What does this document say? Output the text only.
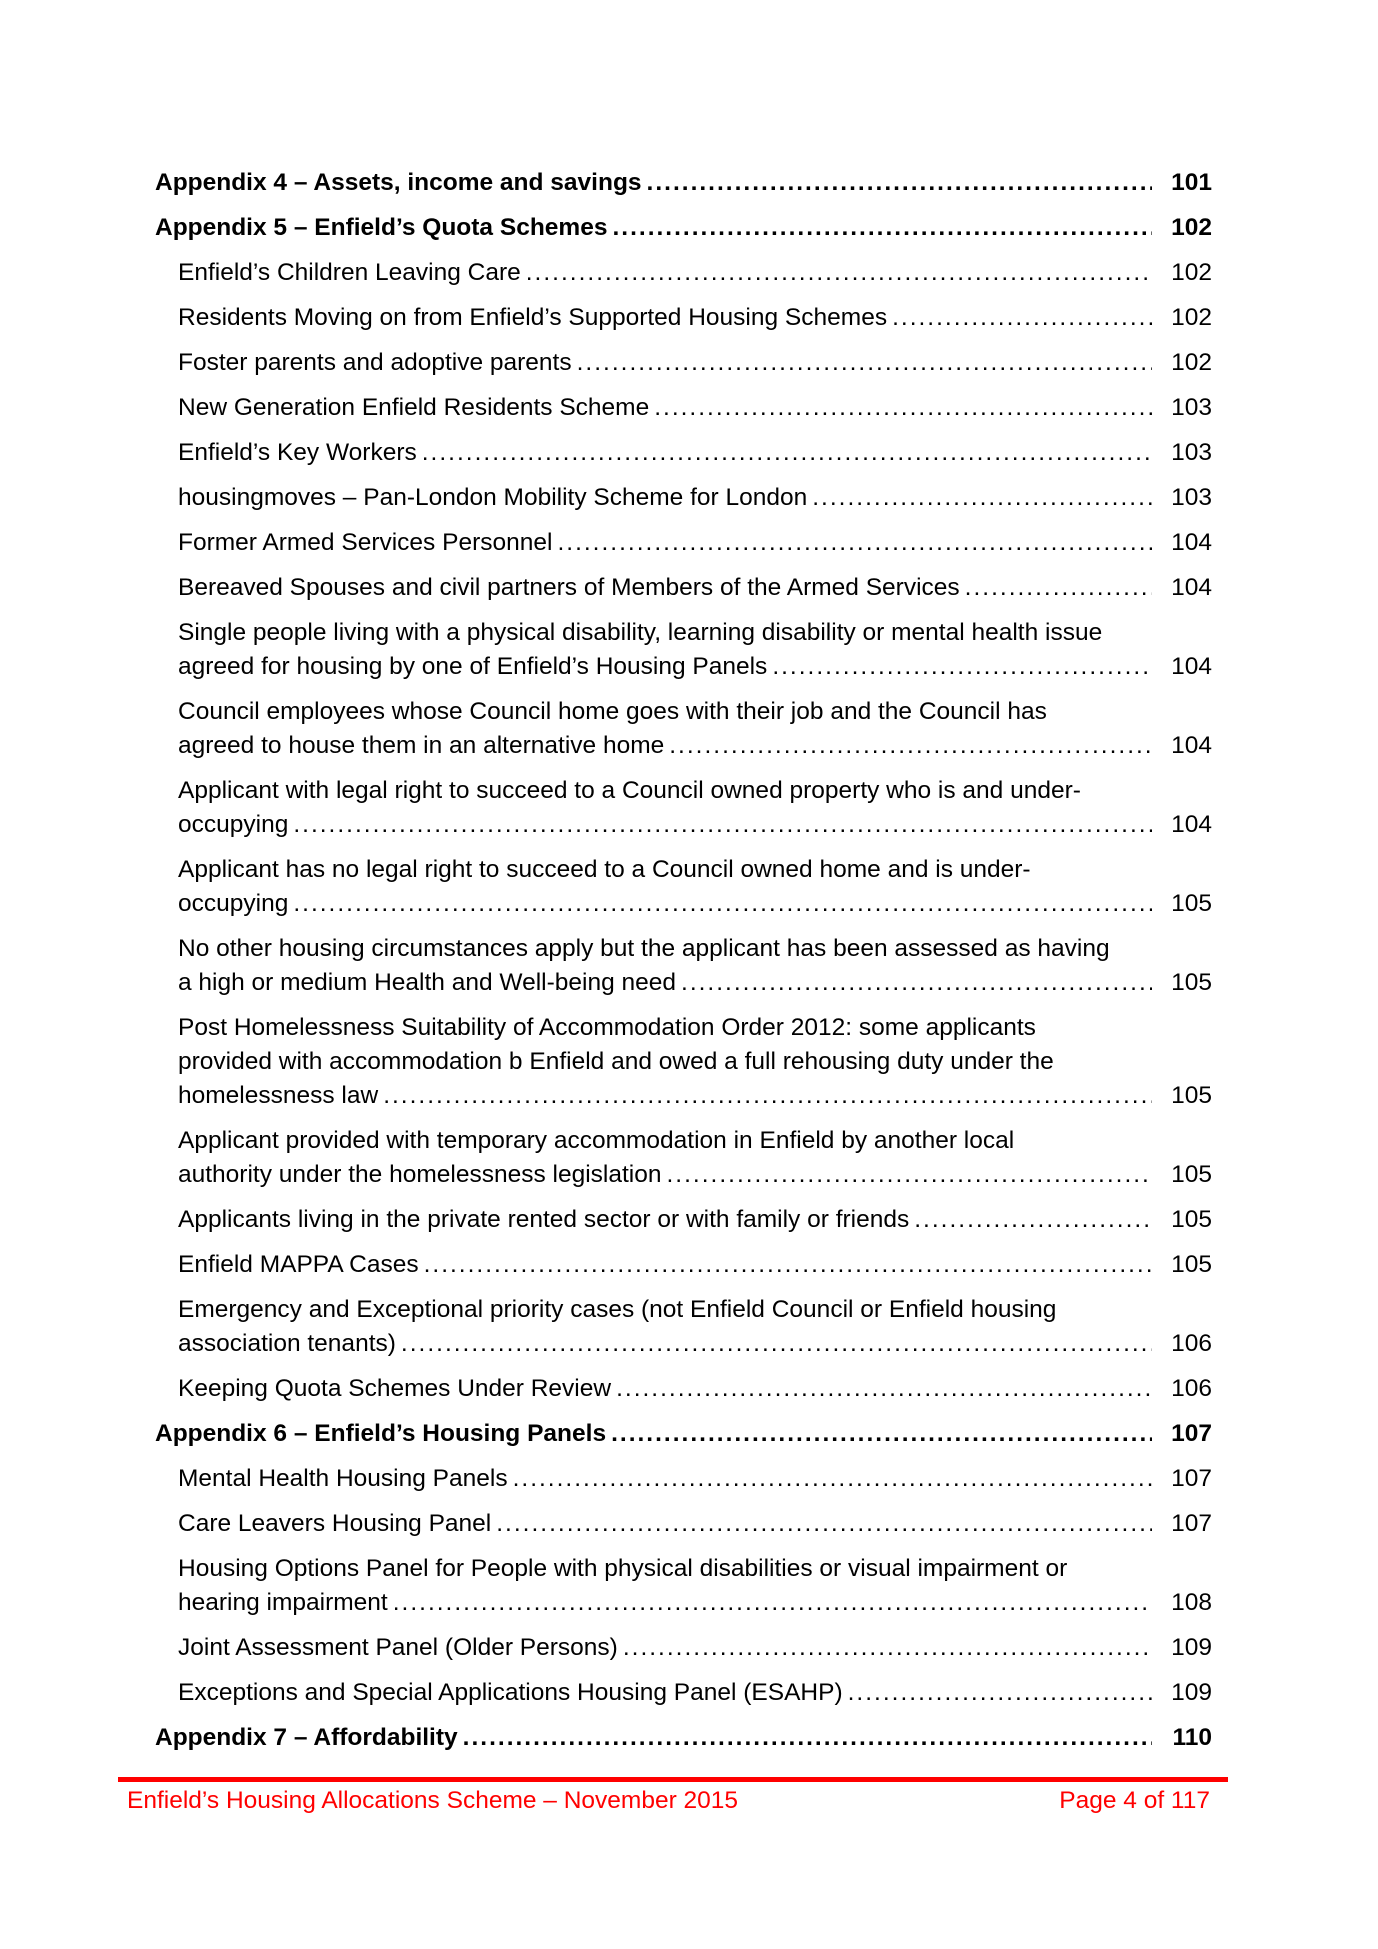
Appendix 4 – Assets, income and savings .....	101
Appendix 5 – Enfield’s Quota Schemes .....	102
Enfield’s Children Leaving Care .....	102
Residents Moving on from Enfield’s Supported Housing Schemes .....	102
Foster parents and adoptive parents .....	102
New Generation Enfield Residents Scheme .....	103
Enfield’s Key Workers .....	103
housingmoves – Pan-London Mobility Scheme for London .....	103
Former Armed Services Personnel .....	104
Bereaved Spouses and civil partners of Members of the Armed Services .....	104
Single people living with a physical disability, learning disability or mental health issue agreed for housing by one of Enfield’s Housing Panels .....	104
Council employees whose Council home goes with their job and the Council has agreed to house them in an alternative home .....	104
Applicant with legal right to succeed to a Council owned property who is and under-occupying .....	104
Applicant has no legal right to succeed to a Council owned home and is under-occupying .....	105
No other housing circumstances apply but the applicant has been assessed as having a high or medium Health and Well-being need .....	105
Post Homelessness Suitability of Accommodation Order 2012: some applicants provided with accommodation b Enfield and owed a full rehousing duty under the homelessness law .....	105
Applicant provided with temporary accommodation in Enfield by another local authority under the homelessness legislation .....	105
Applicants living in the private rented sector or with family or friends .....	105
Enfield MAPPA Cases .....	105
Emergency and Exceptional priority cases (not Enfield Council or Enfield housing association tenants) .....	106
Keeping Quota Schemes Under Review .....	106
Appendix 6 – Enfield’s Housing Panels .....	107
Mental Health Housing Panels .....	107
Care Leavers Housing Panel .....	107
Housing Options Panel for People with physical disabilities or visual impairment or hearing impairment .....	108
Joint Assessment Panel (Older Persons) .....	109
Exceptions and Special Applications Housing Panel (ESAHP) .....	109
Appendix 7 – Affordability .....	110
Enfield’s Housing Allocations Scheme – November 2015	Page 4 of 117
